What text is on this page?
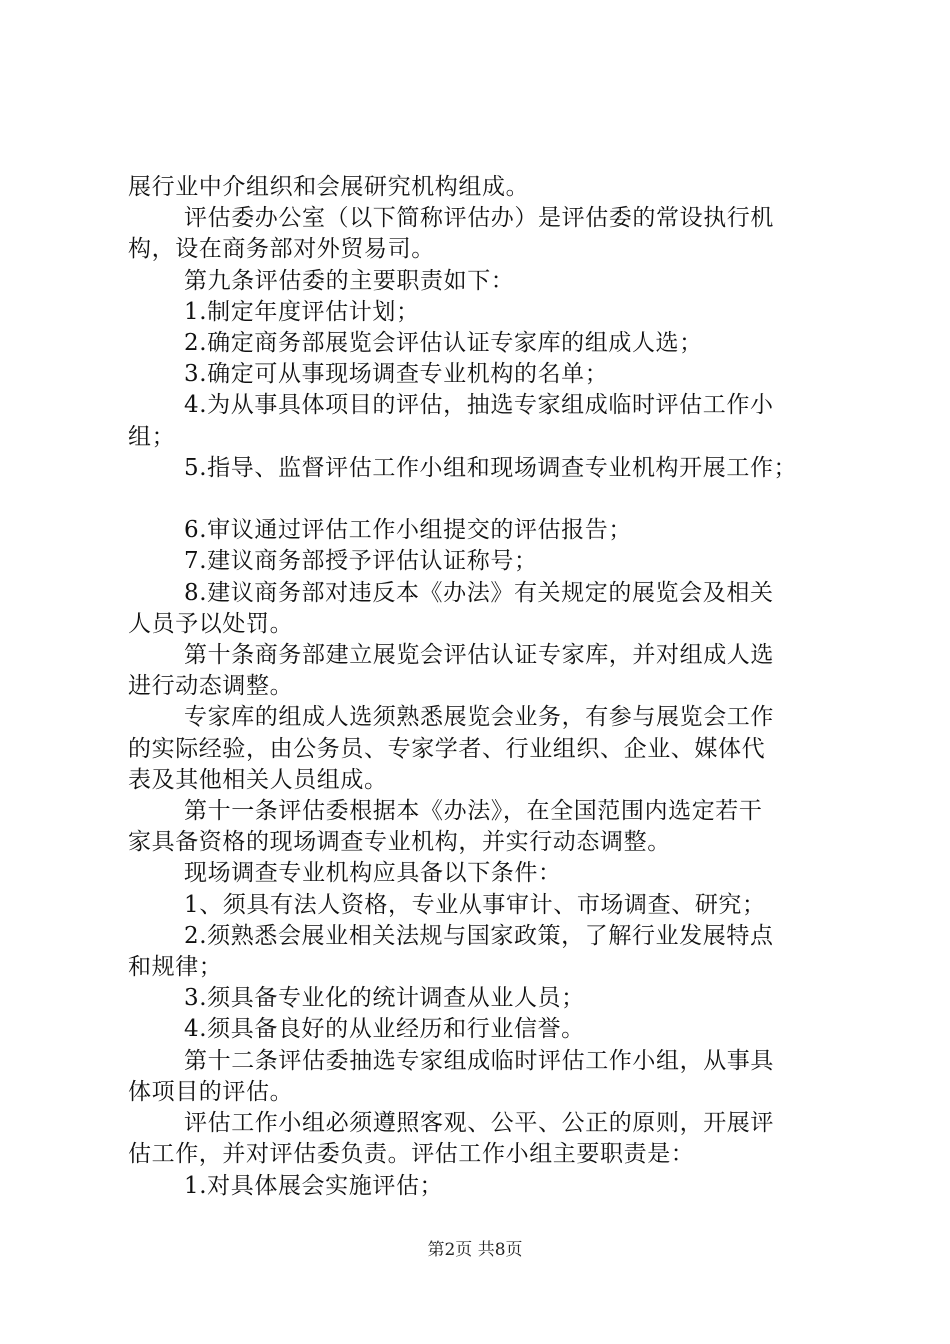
展行业中介组织和会展研究机构组成。

评估委办公室（以下简称评估办）是评估委的常设执行机

构，设在商务部对外贸易司。

第九条评估委的主要职责如下：

1.制定年度评估计划；

2.确定商务部展览会评估认证专家库的组成人选；

3.确定可从事现场调查专业机构的名单；

4.为从事具体项目的评估，抽选专家组成临时评估工作小

组；

5.指导、监督评估工作小组和现场调查专业机构开展工作；

6.审议通过评估工作小组提交的评估报告；

7.建议商务部授予评估认证称号；

8.建议商务部对违反本《办法》有关规定的展览会及相关

人员予以处罚。

第十条商务部建立展览会评估认证专家库，并对组成人选

进行动态调整。

专家库的组成人选须熟悉展览会业务，有参与展览会工作

的实际经验，由公务员、专家学者、行业组织、企业、媒体代

表及其他相关人员组成。

第十一条评估委根据本《办法》，在全国范围内选定若干

家具备资格的现场调查专业机构，并实行动态调整。

现场调查专业机构应具备以下条件：

1、须具有法人资格，专业从事审计、市场调查、研究；

2.须熟悉会展业相关法规与国家政策，了解行业发展特点

和规律；

3.须具备专业化的统计调查从业人员；

4.须具备良好的从业经历和行业信誉。

第十二条评估委抽选专家组成临时评估工作小组，从事具

体项目的评估。

评估工作小组必须遵照客观、公平、公正的原则，开展评

估工作，并对评估委负责。评估工作小组主要职责是：

1.对具体展会实施评估；

第2页 共8页
